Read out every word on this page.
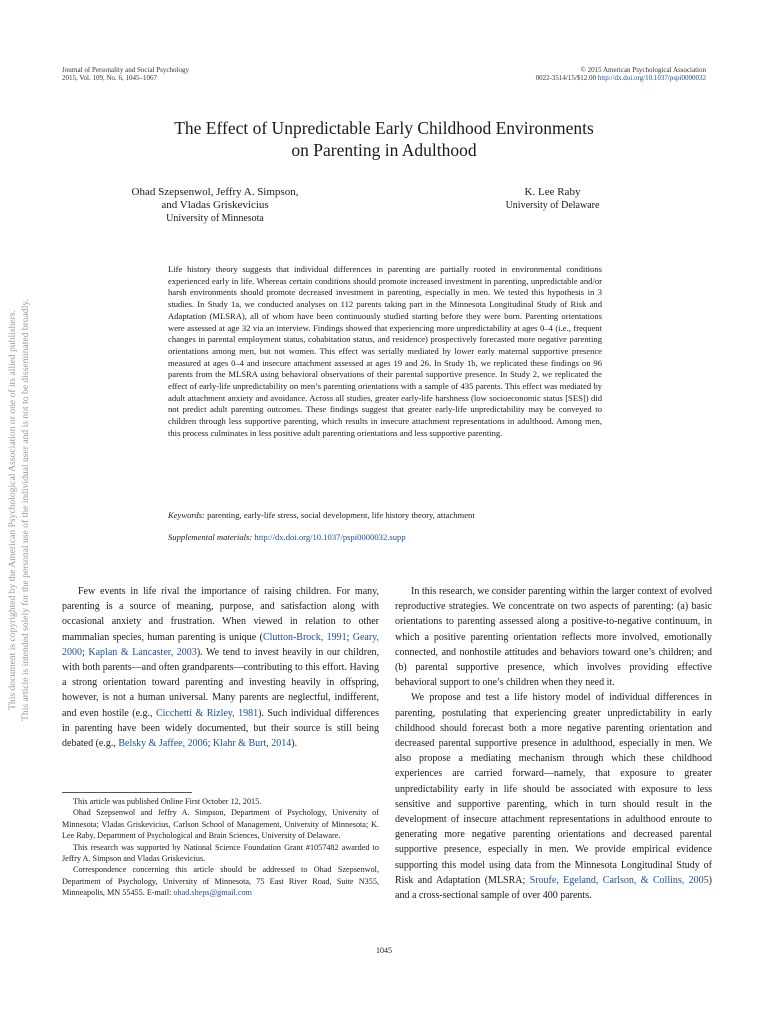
Journal of Personality and Social Psychology
2015, Vol. 109, No. 6, 1045–1067
© 2015 American Psychological Association
0022-3514/15/$12.00 http://dx.doi.org/10.1037/pspi0000032
The Effect of Unpredictable Early Childhood Environments
on Parenting in Adulthood
Ohad Szepsenwol, Jeffry A. Simpson,
and Vladas Griskevicius
University of Minnesota
K. Lee Raby
University of Delaware

Life history theory suggests that individual differences in parenting are partially rooted in environmental conditions experienced early in life. Whereas certain conditions should promote increased investment in parenting, unpredictable and/or harsh environments should promote decreased investment in parenting, especially in men. We tested this hypothesis in 3 studies. In Study 1a, we conducted analyses on 112 parents taking part in the Minnesota Longitudinal Study of Risk and Adaptation (MLSRA), all of whom have been continuously studied starting before they were born. Parenting orientations were assessed at age 32 via an interview. Findings showed that experiencing more unpredictability at ages 0–4 (i.e., frequent changes in parental employment status, cohabitation status, and residence) prospectively forecasted more negative parenting orientations among men, but not women. This effect was serially mediated by lower early maternal supportive presence measured at ages 0–4 and insecure attachment assessed at ages 19 and 26. In Study 1b, we replicated these findings on 96 parents from the MLSRA using behavioral observations of their parental supportive presence. In Study 2, we replicated the effect of early-life unpredictability on men’s parenting orientations with a sample of 435 parents. This effect was mediated by adult attachment anxiety and avoidance. Across all studies, greater early-life harshness (low socioeconomic status [SES]) did not predict adult parenting outcomes. These findings suggest that greater early-life unpredictability may be conveyed to children through less supportive parenting, which results in insecure attachment representations in adulthood. Among men, this process culminates in less positive adult parenting orientations and less supportive parenting.

Keywords: parenting, early-life stress, social development, life history theory, attachment

Supplemental materials: http://dx.doi.org/10.1037/pspi0000032.supp

Few events in life rival the importance of raising children. For many, parenting is a source of meaning, purpose, and satisfaction along with occasional anxiety and frustration. When viewed in relation to other mammalian species, human parenting is unique (Clutton-Brock, 1991; Geary, 2000; Kaplan & Lancaster, 2003). We tend to invest heavily in our children, with both parents—and often grandparents—contributing to this effort. Having a strong orientation toward parenting and investing heavily in offspring, however, is not a human universal. Many parents are neglectful, indifferent, and even hostile (e.g., Cicchetti & Rizley, 1981). Such individual differences in parenting have been widely documented, but their source is still being debated (e.g., Belsky & Jaffee, 2006; Klahr & Burt, 2014).

This article was published Online First October 12, 2015.

Ohad Szepsenwol and Jeffry A. Simpson, Department of Psychology, University of Minnesota; Vladas Griskevicius, Carlson School of Management, University of Minnesota; K. Lee Raby, Department of Psychological and Brain Sciences, University of Delaware.

This research was supported by National Science Foundation Grant #1057482 awarded to Jeffry A. Simpson and Vladas Griskevicius.

Correspondence concerning this article should be addressed to Ohad Szepsenwol, Department of Psychology, University of Minnesota, 75 East River Road, Suite N355, Minneapolis, MN 55455. E-mail: ohad.sheps@gmail.com

In this research, we consider parenting within the larger context of evolved reproductive strategies. We concentrate on two aspects of parenting: (a) basic orientations to parenting assessed along a positive-to-negative continuum, in which a positive parenting orientation reflects more involved, emotionally connected, and nonhostile attitudes and behaviors toward one’s children; and (b) parental supportive presence, which involves providing effective behavioral support to one’s children when they need it.

We propose and test a life history model of individual differences in parenting, postulating that experiencing greater unpredictability in early childhood should forecast both a more negative parenting orientation and decreased parental supportive presence in adulthood, especially in men. We also propose a mediating mechanism through which these childhood experiences are carried forward—namely, that exposure to greater unpredictability early in life should be associated with exposure to less sensitive and supportive parenting, which in turn should result in the development of insecure attachment representations in adulthood enroute to generating more negative parenting orientations and decreased parental supportive presence, especially in men. We provide empirical evidence supporting this model using data from the Minnesota Longitudinal Study of Risk and Adaptation (MLSRA; Sroufe, Egeland, Carlson, & Collins, 2005) and a cross-sectional sample of over 400 parents.

1045
This document is copyrighted by the American Psychological Association or one of its allied publishers. This article is intended solely for the personal use of the individual user and is not to be disseminated broadly.
